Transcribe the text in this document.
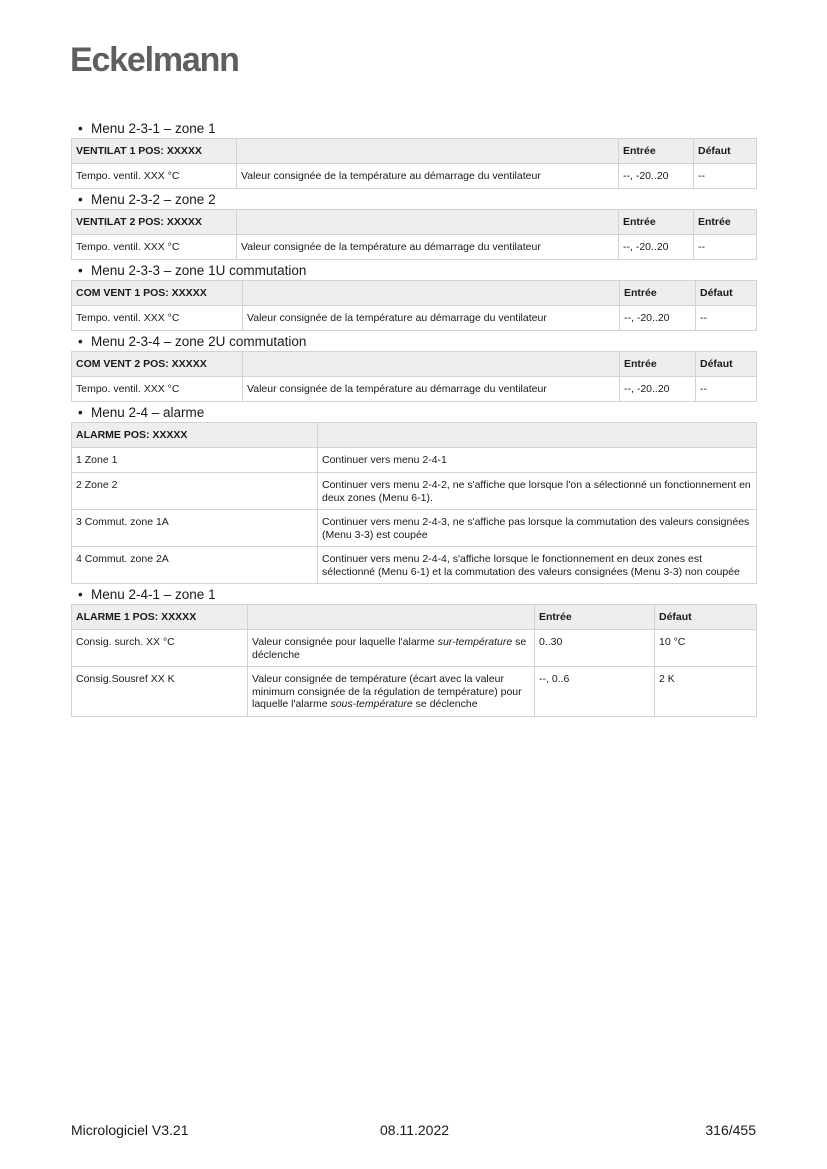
Eckelmann
• Menu 2-3-1 – zone 1
VENTILAT 1 POS: XXXXX		Entrée	Défaut
Tempo. ventil. XXX °C	Valeur consignée de la température au démarrage du ventilateur	--, -20..20	--
• Menu 2-3-2 – zone 2
VENTILAT 2 POS: XXXXX		Entrée	Entrée
Tempo. ventil. XXX °C	Valeur consignée de la température au démarrage du ventilateur	--, -20..20	--
• Menu 2-3-3 – zone 1U commutation
COM VENT 1 POS: XXXXX		Entrée	Défaut
Tempo. ventil. XXX °C	Valeur consignée de la température au démarrage du ventilateur	--, -20..20	--
• Menu 2-3-4 – zone 2U commutation
COM VENT 2 POS: XXXXX		Entrée	Défaut
Tempo. ventil. XXX °C	Valeur consignée de la température au démarrage du ventilateur	--, -20..20	--
• Menu 2-4 – alarme
ALARME POS: XXXXX	
1 Zone 1	Continuer vers menu 2-4-1
2 Zone 2	Continuer vers menu 2-4-2, ne s'affiche que lorsque l'on a sélectionné un fonctionnement en deux zones (Menu 6-1).
3 Commut. zone 1A	Continuer vers menu 2-4-3, ne s'affiche pas lorsque la commutation des valeurs consignées (Menu 3-3) est coupée
4 Commut. zone 2A	Continuer vers menu 2-4-4, s'affiche lorsque le fonctionnement en deux zones est sélectionné (Menu 6-1) et la commutation des valeurs consignées (Menu 3-3) non coupée
• Menu 2-4-1 – zone 1
ALARME 1 POS: XXXXX		Entrée	Défaut
Consig. surch. XX °C	Valeur consignée pour laquelle l'alarme sur-température se déclenche	0..30	10 °C
Consig.Sousref XX K	Valeur consignée de température (écart avec la valeur minimum consignée de la régulation de température) pour laquelle l'alarme sous-température se déclenche	--, 0..6	2 K
Micrologiciel V3.21	08.11.2022	316/455
